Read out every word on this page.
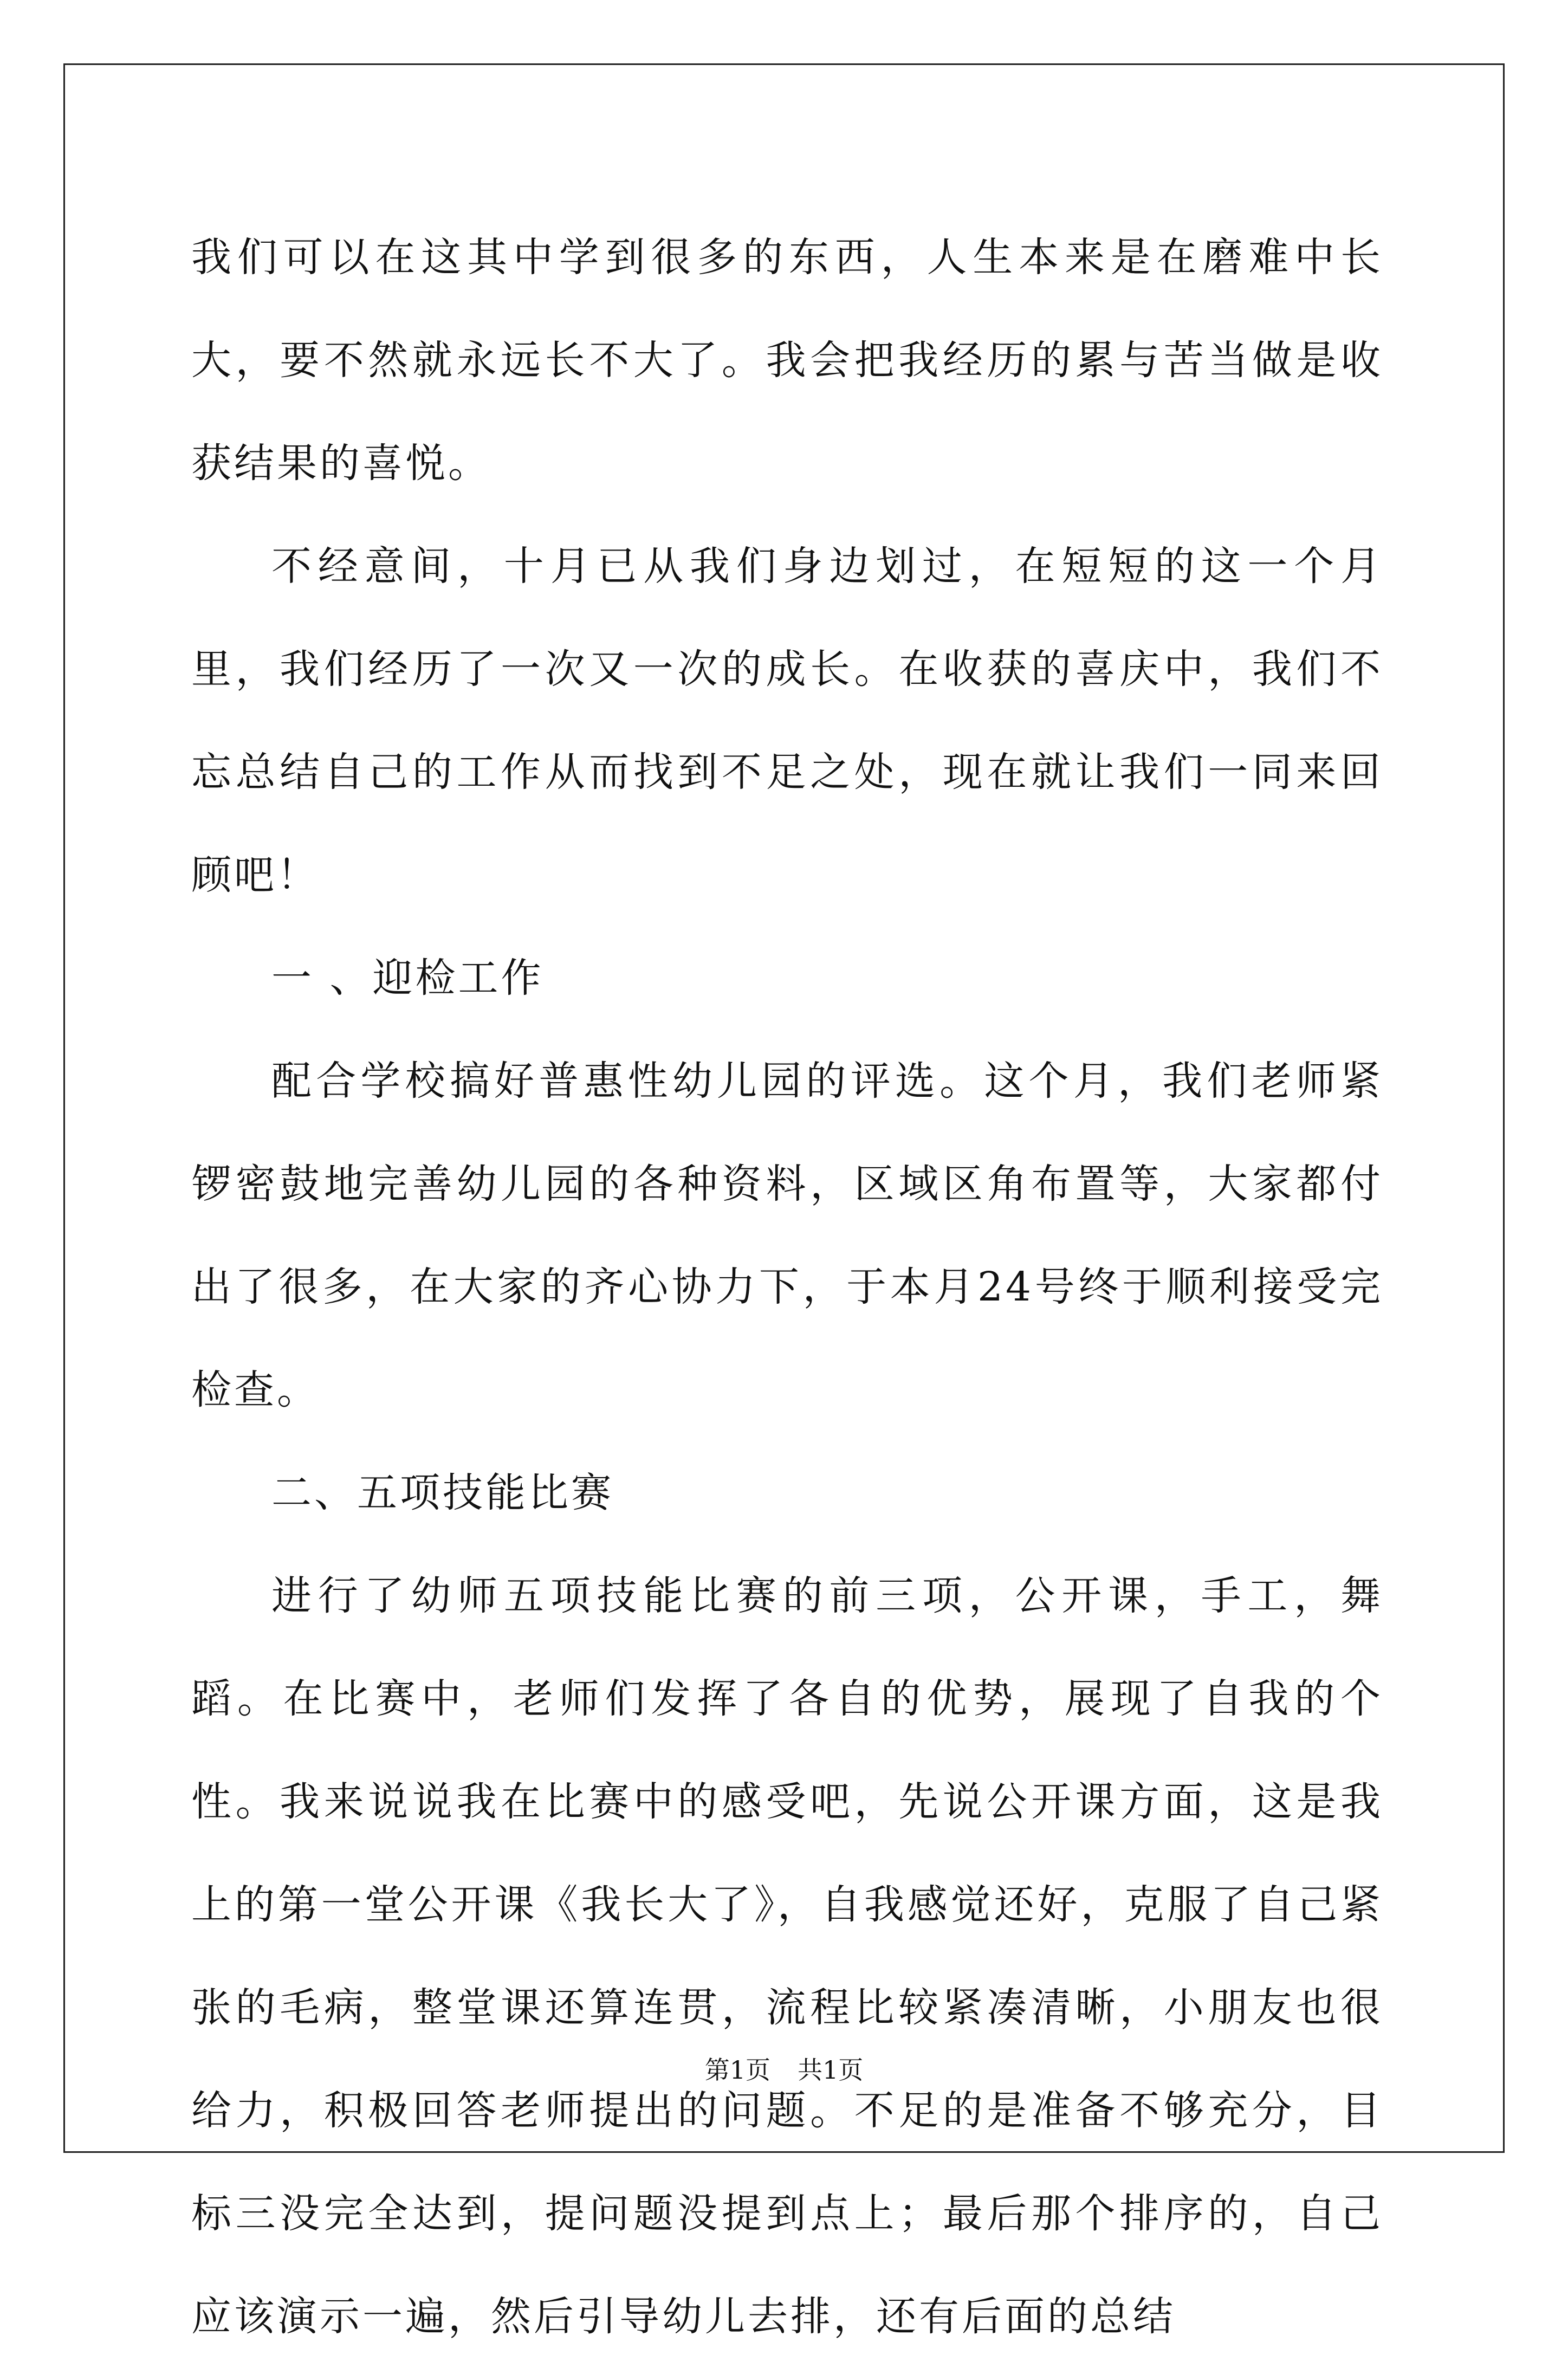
我们可以在这其中学到很多的东西，人生本来是在磨难中长大，要不然就永远长不大了。我会把我经历的累与苦当做是收获结果的喜悦。

不经意间，十月已从我们身边划过，在短短的这一个月里，我们经历了一次又一次的成长。在收获的喜庆中，我们不忘总结自己的工作从而找到不足之处，现在就让我们一同来回顾吧！

一 、迎检工作

配合学校搞好普惠性幼儿园的评选。这个月，我们老师紧锣密鼓地完善幼儿园的各种资料，区域区角布置等，大家都付出了很多，在大家的齐心协力下，于本月24号终于顺利接受完检查。

二、五项技能比赛

进行了幼师五项技能比赛的前三项，公开课，手工，舞蹈。在比赛中，老师们发挥了各自的优势，展现了自我的个性。我来说说我在比赛中的感受吧，先说公开课方面，这是我上的第一堂公开课《我长大了》，自我感觉还好，克服了自己紧张的毛病，整堂课还算连贯，流程比较紧凑清晰，小朋友也很给力，积极回答老师提出的问题。不足的是准备不够充分，目标三没完全达到，提问题没提到点上；最后那个排序的，自己应该演示一遍，然后引导幼儿去排，还有后面的总结

第1页 共1页
